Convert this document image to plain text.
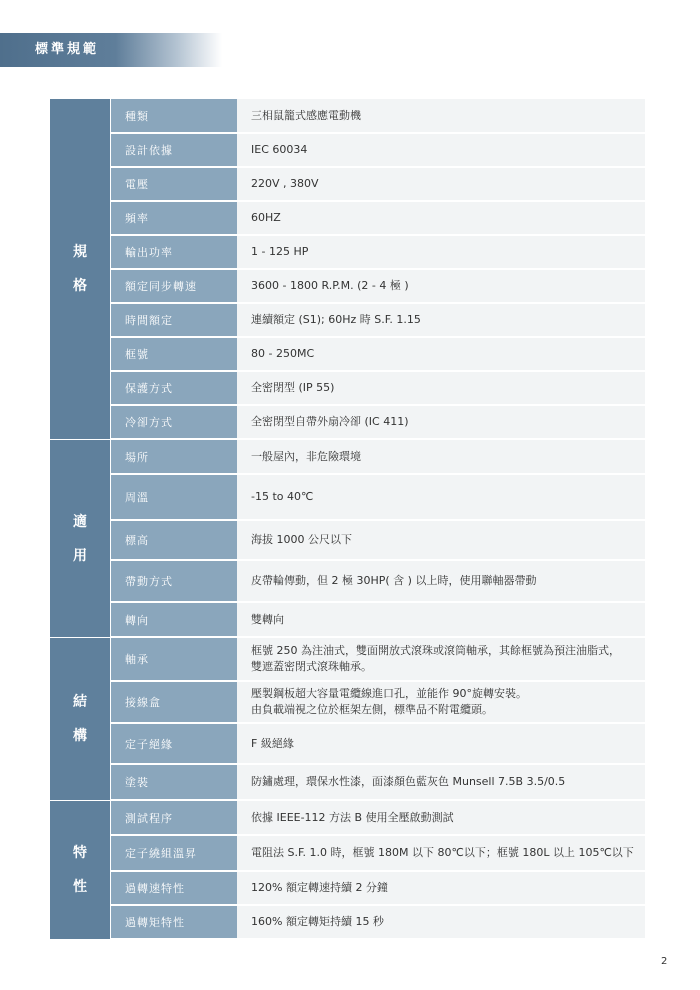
標準規範
規
格	種類	三相鼠籠式感應電動機
	設計依據	IEC 60034
	電壓	220V , 380V
	頻率	60HZ
	輸出功率	1 - 125 HP
	額定同步轉速	3600 - 1800 R.P.M. (2 - 4 極 )
	時間額定	連續額定 (S1); 60Hz 時 S.F. 1.15
	框號	80 - 250MC
	保護方式	全密閉型 (IP 55)
	冷卻方式	全密閉型自帶外扇冷卻 (IC 411)
適
用	場所	一般屋內，非危險環境
	周溫	-15 to 40℃
	標高	海拔 1000 公尺以下
	帶動方式	皮帶輪傳動，但 2 極 30HP( 含 ) 以上時，使用聯軸器帶動
	轉向	雙轉向
結
構	軸承	框號 250 為注油式，雙面開放式滾珠或滾筒軸承，其餘框號為預注油脂式，
雙遮蓋密閉式滾珠軸承。
	接線盒	壓製鋼板超大容量電纜線進口孔，並能作 90°旋轉安裝。
由負載端視之位於框架左側，標準品不附電纜頭。
	定子絕緣	F 級絕緣
	塗裝	防鏽處理，環保水性漆，面漆顏色藍灰色 Munsell 7.5B 3.5/0.5
特
性	測試程序	依據 IEEE-112 方法 B 使用全壓啟動測試
	定子繞組溫昇	電阻法 S.F. 1.0 時，框號 180M 以下 80℃以下；框號 180L 以上 105℃以下
	過轉速特性	120% 額定轉速持續 2 分鐘
	過轉矩特性	160% 額定轉矩持續 15 秒
2
